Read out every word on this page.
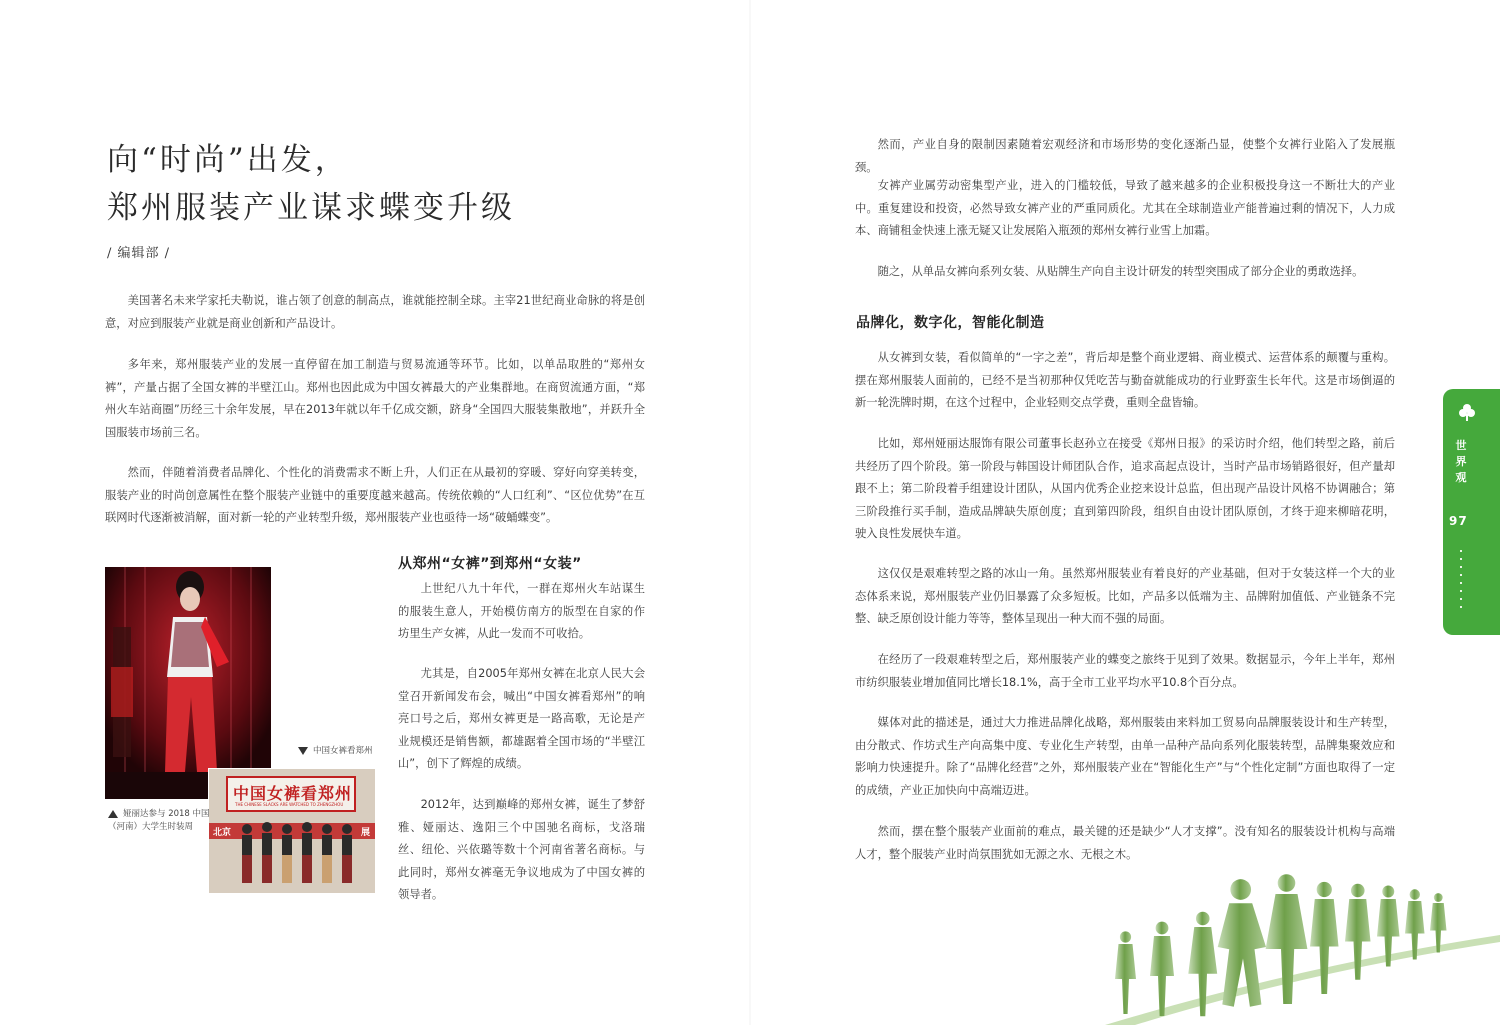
向“时尚”出发，
郑州服装产业谋求蝶变升级
/ 编辑部 /

美国著名未来学家托夫勒说，谁占领了创意的制高点，谁就能控制全球。主宰21世纪商业命脉的将是创意，对应到服装产业就是商业创新和产品设计。

多年来，郑州服装产业的发展一直停留在加工制造与贸易流通等环节。比如，以单品取胜的“郑州女裤”，产量占据了全国女裤的半壁江山。郑州也因此成为中国女裤最大的产业集群地。在商贸流通方面，“郑州火车站商圈”历经三十余年发展，早在2013年就以年千亿成交额，跻身“全国四大服装集散地”，并跃升全国服装市场前三名。

然而，伴随着消费者品牌化、个性化的消费需求不断上升，人们正在从最初的穿暖、穿好向穿美转变，服装产业的时尚创意属性在整个服装产业链中的重要度越来越高。传统依赖的“人口红利”、“区位优势”在互联网时代逐渐被消解，面对新一轮的产业转型升级，郑州服装产业也亟待一场“破蛹蝶变”。

中国女裤看郑州
THE CHINESE SLACKS ARE WATCHED TO ZHENGZHOU
北京	展
中国女裤看郑州
娅丽达参与 2018 中国（河南）大学生时装周
从郑州“女裤”到郑州“女装”

上世纪八九十年代，一群在郑州火车站谋生的服装生意人，开始模仿南方的版型在自家的作坊里生产女裤，从此一发而不可收拾。

尤其是，自2005年郑州女裤在北京人民大会堂召开新闻发布会，喊出“中国女裤看郑州”的响亮口号之后，郑州女裤更是一路高歌，无论是产业规模还是销售额，都雄踞着全国市场的“半壁江山”，创下了辉煌的成绩。

2012年，达到巅峰的郑州女裤，诞生了梦舒雅、娅丽达、逸阳三个中国驰名商标，戈洛瑞丝、纽伦、兴依璐等数十个河南省著名商标。与此同时，郑州女裤毫无争议地成为了中国女裤的领导者。

然而，产业自身的限制因素随着宏观经济和市场形势的变化逐渐凸显，使整个女裤行业陷入了发展瓶颈。

女裤产业属劳动密集型产业，进入的门槛较低，导致了越来越多的企业积极投身这一不断壮大的产业中。重复建设和投资，必然导致女裤产业的严重同质化。尤其在全球制造业产能普遍过剩的情况下，人力成本、商铺租金快速上涨无疑又让发展陷入瓶颈的郑州女裤行业雪上加霜。

随之，从单品女裤向系列女装、从贴牌生产向自主设计研发的转型突围成了部分企业的勇敢选择。

品牌化，数字化，智能化制造

从女裤到女装，看似简单的“一字之差”，背后却是整个商业逻辑、商业模式、运营体系的颠覆与重构。摆在郑州服装人面前的，已经不是当初那种仅凭吃苦与勤奋就能成功的行业野蛮生长年代。这是市场倒逼的新一轮洗牌时期，在这个过程中，企业轻则交点学费，重则全盘皆输。

比如，郑州娅丽达服饰有限公司董事长赵孙立在接受《郑州日报》的采访时介绍，他们转型之路，前后共经历了四个阶段。第一阶段与韩国设计师团队合作，追求高起点设计，当时产品市场销路很好，但产量却跟不上；第二阶段着手组建设计团队，从国内优秀企业挖来设计总监，但出现产品设计风格不协调融合；第三阶段推行买手制，造成品牌缺失原创度；直到第四阶段，组织自由设计团队原创，才终于迎来柳暗花明，驶入良性发展快车道。

这仅仅是艰难转型之路的冰山一角。虽然郑州服装业有着良好的产业基础，但对于女装这样一个大的业态体系来说，郑州服装产业仍旧暴露了众多短板。比如，产品多以低端为主、品牌附加值低、产业链条不完整、缺乏原创设计能力等等，整体呈现出一种大而不强的局面。

在经历了一段艰难转型之后，郑州服装产业的蝶变之旅终于见到了效果。数据显示，今年上半年，郑州市纺织服装业增加值同比增长18.1%，高于全市工业平均水平10.8个百分点。

媒体对此的描述是，通过大力推进品牌化战略，郑州服装由来料加工贸易向品牌服装设计和生产转型，由分散式、作坊式生产向高集中度、专业化生产转型，由单一品种产品向系列化服装转型，品牌集聚效应和影响力快速提升。除了“品牌化经营”之外，郑州服装产业在“智能化生产”与“个性化定制”方面也取得了一定的成绩，产业正加快向中高端迈进。

然而，摆在整个服装产业面前的难点，最关键的还是缺少“人才支撑”。没有知名的服装设计机构与高端人才，整个服装产业时尚氛围犹如无源之水、无根之木。

世
界
观
97
